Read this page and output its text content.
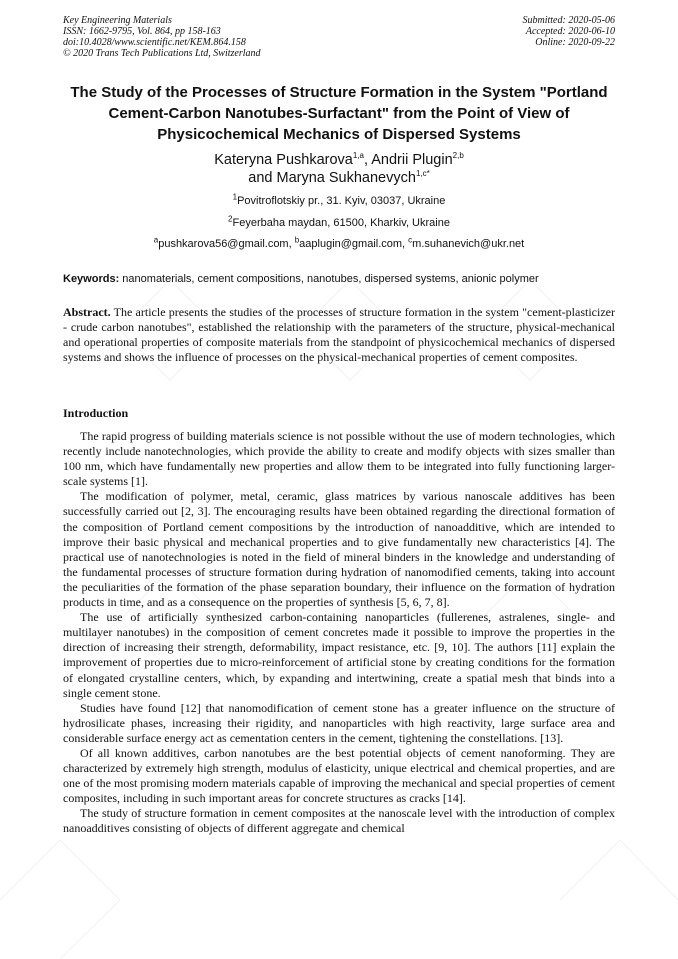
Key Engineering Materials
ISSN: 1662-9795, Vol. 864, pp 158-163
doi:10.4028/www.scientific.net/KEM.864.158
© 2020 Trans Tech Publications Ltd, Switzerland
Submitted: 2020-05-06
Accepted: 2020-06-10
Online: 2020-09-22
The Study of the Processes of Structure Formation in the System "Portland Cement-Carbon Nanotubes-Surfactant" from the Point of View of Physicochemical Mechanics of Dispersed Systems
Kateryna Pushkarova$^{1,a}$, Andrii Plugin$^{2,b}$
and Maryna Sukhanevych$^{1,c*}$
$^1$Povitroflotskiy pr., 31. Kyiv, 03037, Ukraine
$^2$Feyerbaha maydan, 61500, Kharkiv, Ukraine
$^a$pushkarova56@gmail.com, $^b$aaplugin@gmail.com, $^c$m.suhanevich@ukr.net
Keywords: nanomaterials, cement compositions, nanotubes, dispersed systems, anionic polymer
Abstract. The article presents the studies of the processes of structure formation in the system "cement-plasticizer - crude carbon nanotubes", established the relationship with the parameters of the structure, physical-mechanical and operational properties of composite materials from the standpoint of physicochemical mechanics of dispersed systems and shows the influence of processes on the physical-mechanical properties of cement composites.
Introduction

The rapid progress of building materials science is not possible without the use of modern technologies, which recently include nanotechnologies, which provide the ability to create and modify objects with sizes smaller than 100 nm, which have fundamentally new properties and allow them to be integrated into fully functioning larger-scale systems [1].

The modification of polymer, metal, ceramic, glass matrices by various nanoscale additives has been successfully carried out [2, 3]. The encouraging results have been obtained regarding the directional formation of the composition of Portland cement compositions by the introduction of nanoadditive, which are intended to improve their basic physical and mechanical properties and to give fundamentally new characteristics [4]. The practical use of nanotechnologies is noted in the field of mineral binders in the knowledge and understanding of the fundamental processes of structure formation during hydration of nanomodified cements, taking into account the peculiarities of the formation of the phase separation boundary, their influence on the formation of hydration products in time, and as a consequence on the properties of synthesis [5, 6, 7, 8].

The use of artificially synthesized carbon-containing nanoparticles (fullerenes, astralenes, single- and multilayer nanotubes) in the composition of cement concretes made it possible to improve the properties in the direction of increasing their strength, deformability, impact resistance, etc. [9, 10]. The authors [11] explain the improvement of properties due to micro-reinforcement of artificial stone by creating conditions for the formation of elongated crystalline centers, which, by expanding and intertwining, create a spatial mesh that binds into a single cement stone.

Studies have found [12] that nanomodification of cement stone has a greater influence on the structure of hydrosilicate phases, increasing their rigidity, and nanoparticles with high reactivity, large surface area and considerable surface energy act as cementation centers in the cement, tightening the constellations. [13].

Of all known additives, carbon nanotubes are the best potential objects of cement nanoforming. They are characterized by extremely high strength, modulus of elasticity, unique electrical and chemical properties, and are one of the most promising modern materials capable of improving the mechanical and special properties of cement composites, including in such important areas for concrete structures as cracks [14].

The study of structure formation in cement composites at the nanoscale level with the introduction of complex nanoadditives consisting of objects of different aggregate and chemical
